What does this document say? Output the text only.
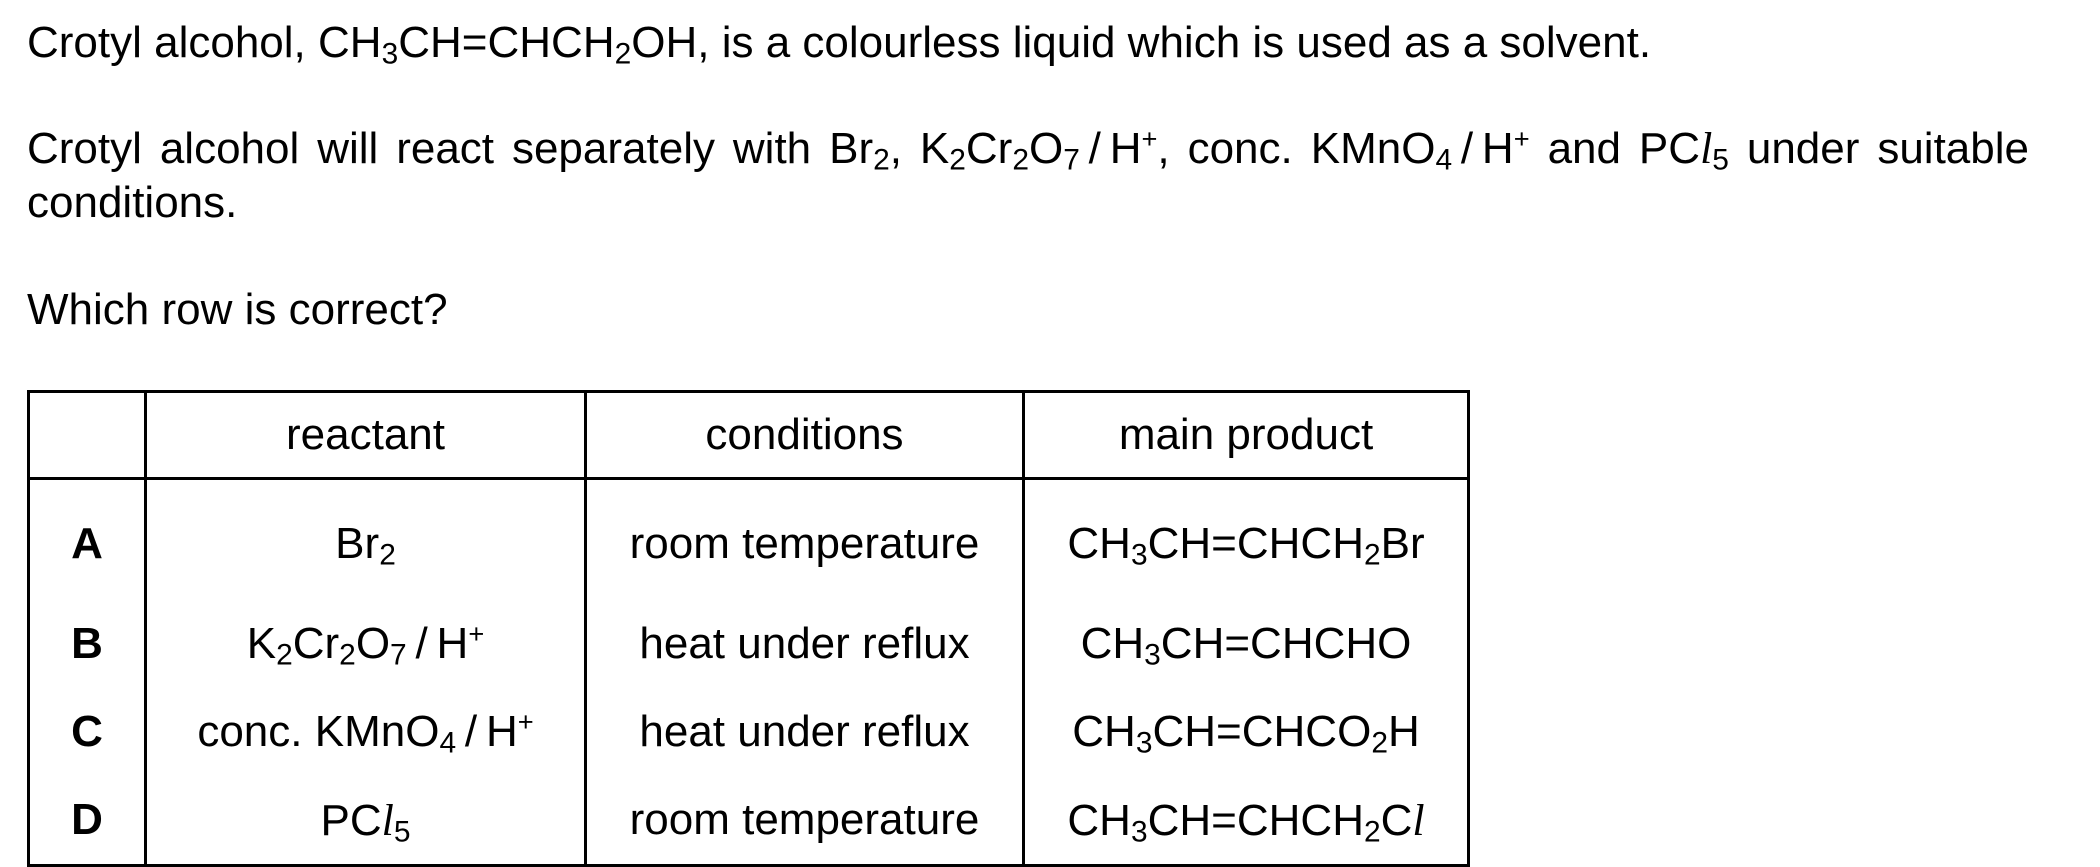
Crotyl alcohol, $CH_3CH=CHCH_2OH$, is a colourless liquid which is used as a solvent.

Crotyl alcohol will react separately with $Br_2$, $K_2Cr_2O_7 / H^+$, conc. KMnO$_4$ / H+ and PCl$_5$ under suitable conditions.

Which row is correct?

	reactant	conditions	main product
A	$Br_2$	room temperature	$CH_3CH=CHCH_2Br$
B	$K_2Cr_2O_7 / H^+$	heat under reflux	$CH_3CH=CHCHO$
C	conc. KMnO$_4$ / H+	heat under reflux	$CH_3CH=CHCO_2H$
D	PCl$_5$	room temperature	$CH_3CH=CHCH_2Cl$
